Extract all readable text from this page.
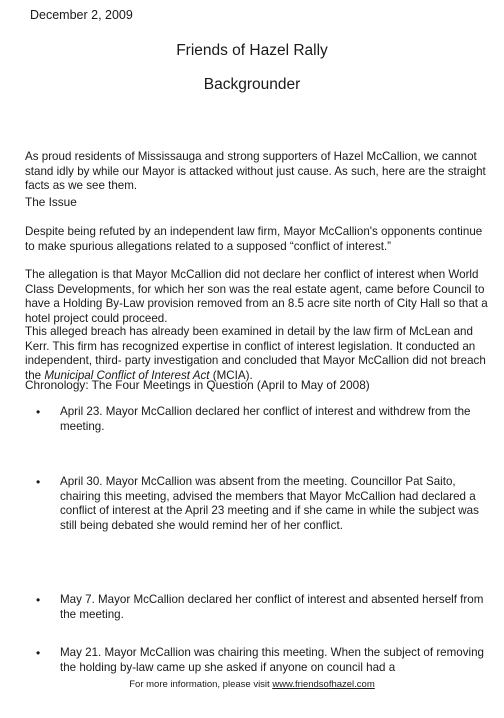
December 2, 2009
Friends of Hazel Rally
Backgrounder

As proud residents of Mississauga and strong supporters of Hazel McCallion, we cannot stand idly by while our Mayor is attacked without just cause. As such, here are the straight facts as we see them.

The Issue

Despite being refuted by an independent law firm, Mayor McCallion's opponents continue to make spurious allegations related to a supposed “conflict of interest.”

The allegation is that Mayor McCallion did not declare her conflict of interest when World Class Developments, for which her son was the real estate agent, came before Council to have a Holding By-Law provision removed from an 8.5 acre site north of City Hall so that a hotel project could proceed.

This alleged breach has already been examined in detail by the law firm of McLean and Kerr. This firm has recognized expertise in conflict of interest legislation. It conducted an independent, third- party investigation and concluded that Mayor McCallion did not breach the Municipal Conflict of Interest Act (MCIA).

Chronology: The Four Meetings in Question (April to May of 2008)
• April 23. Mayor McCallion declared her conflict of interest and withdrew from the meeting.
• April 30. Mayor McCallion was absent from the meeting. Councillor Pat Saito, chairing this meeting, advised the members that Mayor McCallion had declared a conflict of interest at the April 23 meeting and if she came in while the subject was still being debated she would remind her of her conflict.
• May 7. Mayor McCallion declared her conflict of interest and absented herself from the meeting.
• May 21. Mayor McCallion was chairing this meeting. When the subject of removing the holding by-law came up she asked if anyone on council had a
For more information, please visit www.friendsofhazel.com
